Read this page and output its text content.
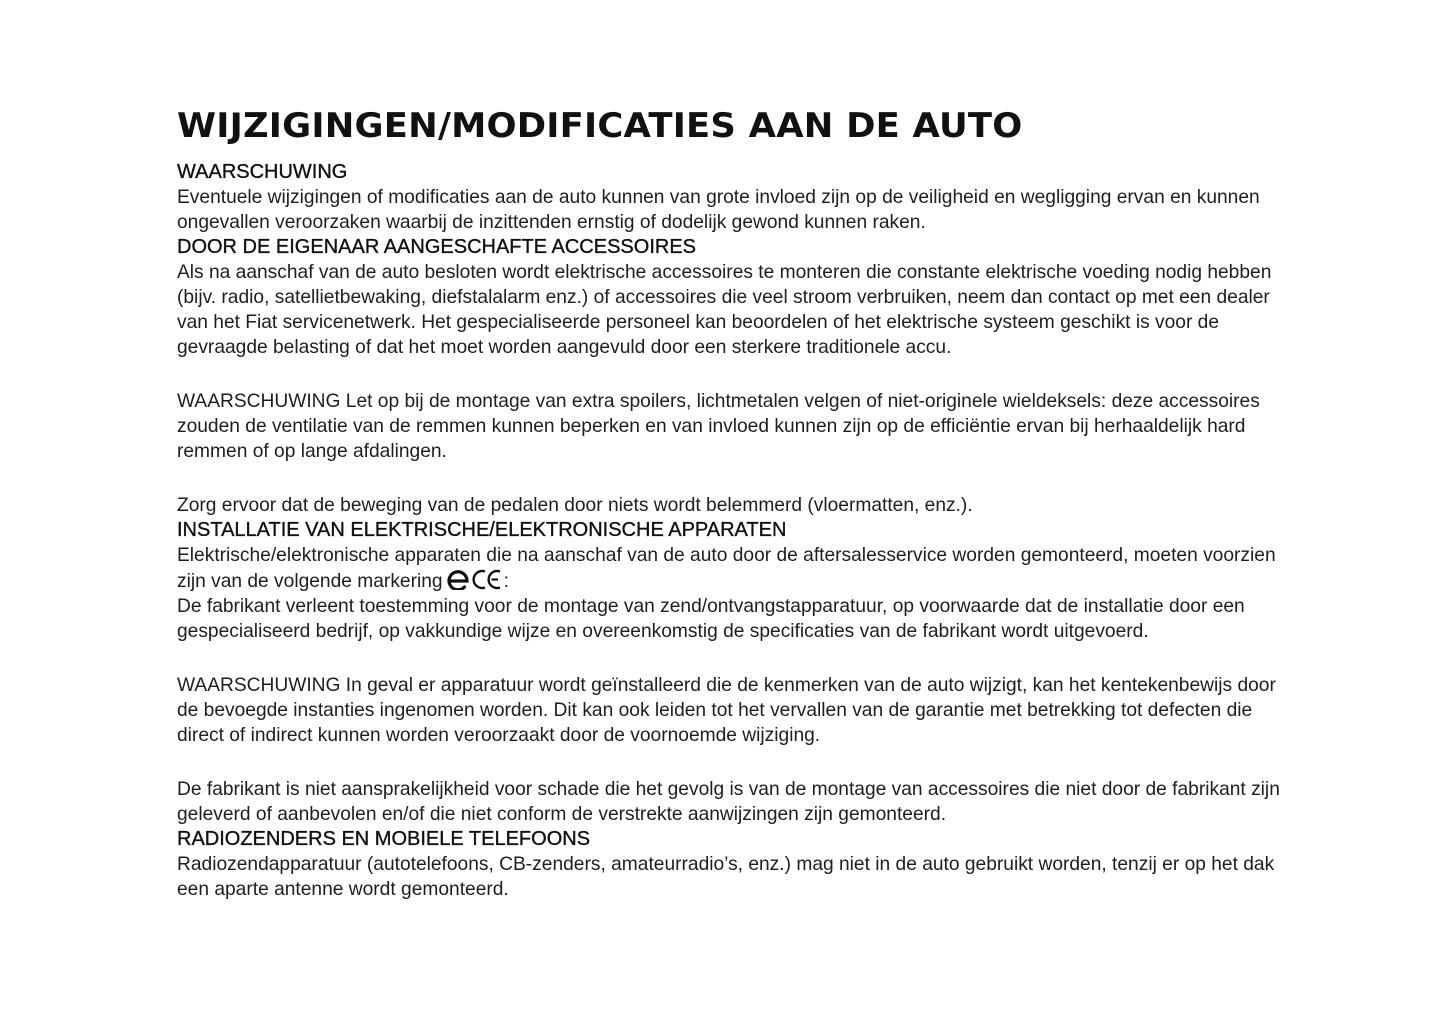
WIJZIGINGEN/MODIFICATIES AAN DE AUTO
WAARSCHUWING

Eventuele wijzigingen of modificaties aan de auto kunnen van grote invloed zijn op de veiligheid en wegligging ervan en kunnen ongevallen veroorzaken waarbij de inzittenden ernstig of dodelijk gewond kunnen raken.

DOOR DE EIGENAAR AANGESCHAFTE ACCESSOIRES

Als na aanschaf van de auto besloten wordt elektrische accessoires te monteren die constante elektrische voeding nodig hebben (bijv. radio, satellietbewaking, diefstalalarm enz.) of accessoires die veel stroom verbruiken, neem dan contact op met een dealer van het Fiat servicenetwerk. Het gespecialiseerde personeel kan beoordelen of het elektrische systeem geschikt is voor de gevraagde belasting of dat het moet worden aangevuld door een sterkere traditionele accu.

WAARSCHUWING Let op bij de montage van extra spoilers, lichtmetalen velgen of niet-originele wieldeksels: deze accessoires zouden de ventilatie van de remmen kunnen beperken en van invloed kunnen zijn op de efficiëntie ervan bij herhaaldelijk hard remmen of op lange afdalingen.

Zorg ervoor dat de beweging van de pedalen door niets wordt belemmerd (vloermatten, enz.).

INSTALLATIE VAN ELEKTRISCHE/ELEKTRONISCHE APPARATEN

Elektrische/elektronische apparaten die na aanschaf van de auto door de aftersalesservice worden gemonteerd, moeten voorzien zijn van de volgende markering	:

De fabrikant verleent toestemming voor de montage van zend/ontvangstapparatuur, op voorwaarde dat de installatie door een gespecialiseerd bedrijf, op vakkundige wijze en overeenkomstig de specificaties van de fabrikant wordt uitgevoerd.

WAARSCHUWING In geval er apparatuur wordt geïnstalleerd die de kenmerken van de auto wijzigt, kan het kentekenbewijs door de bevoegde instanties ingenomen worden. Dit kan ook leiden tot het vervallen van de garantie met betrekking tot defecten die direct of indirect kunnen worden veroorzaakt door de voornoemde wijziging.

De fabrikant is niet aansprakelijkheid voor schade die het gevolg is van de montage van accessoires die niet door de fabrikant zijn geleverd of aanbevolen en/of die niet conform de verstrekte aanwijzingen zijn gemonteerd.

RADIOZENDERS EN MOBIELE TELEFOONS

Radiozendapparatuur (autotelefoons, CB-zenders, amateurradio’s, enz.) mag niet in de auto gebruikt worden, tenzij er op het dak een aparte antenne wordt gemonteerd.
